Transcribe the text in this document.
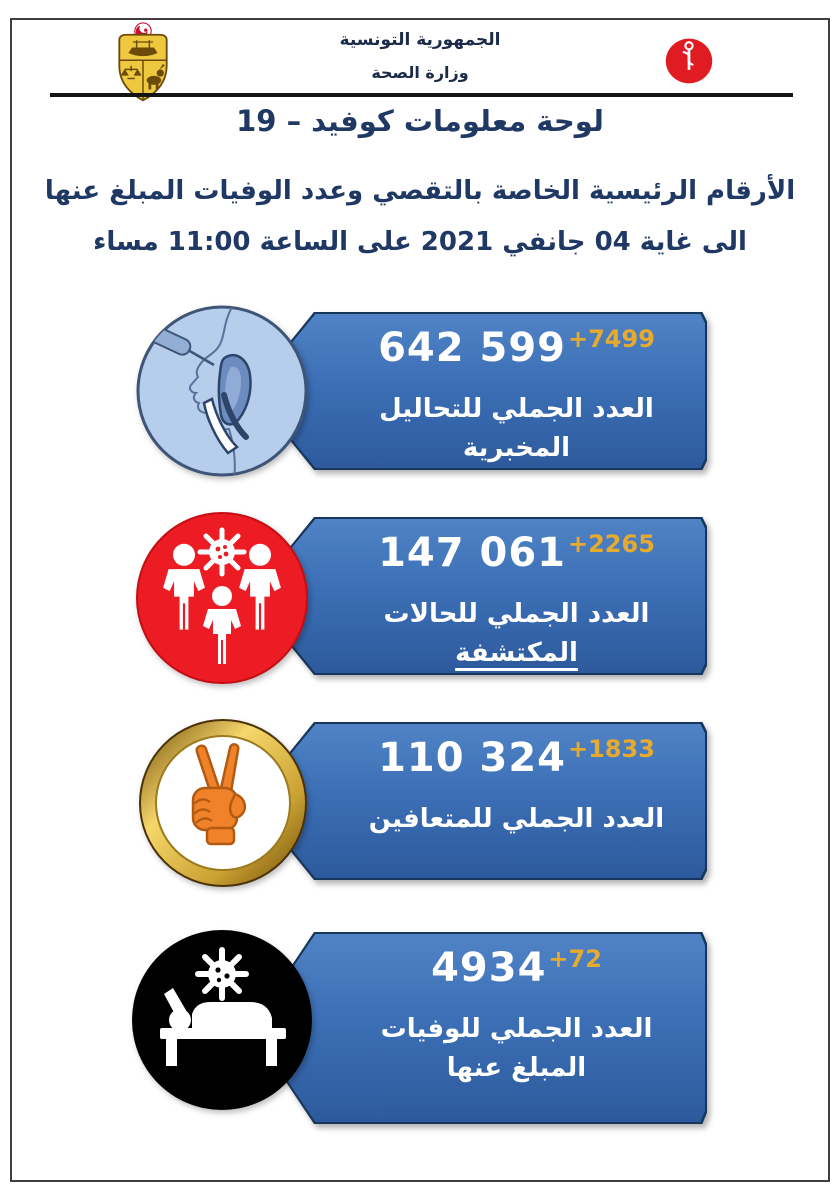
الجمهورية التونسية
وزارة الصحة
لوحة معلومات كوفيد – 19
الأرقام الرئيسية الخاصة بالتقصي وعدد الوفيات المبلغ عنها
الى غاية 04 جانفي 2021 على الساعة 11:00 مساء
642 599+7499
العدد الجملي للتحاليل المخبرية
147 061+2265
العدد الجملي للحالات المكتشفة
110 324+1833
العدد الجملي للمتعافين
4934+72
العدد الجملي للوفيات المبلغ عنها
